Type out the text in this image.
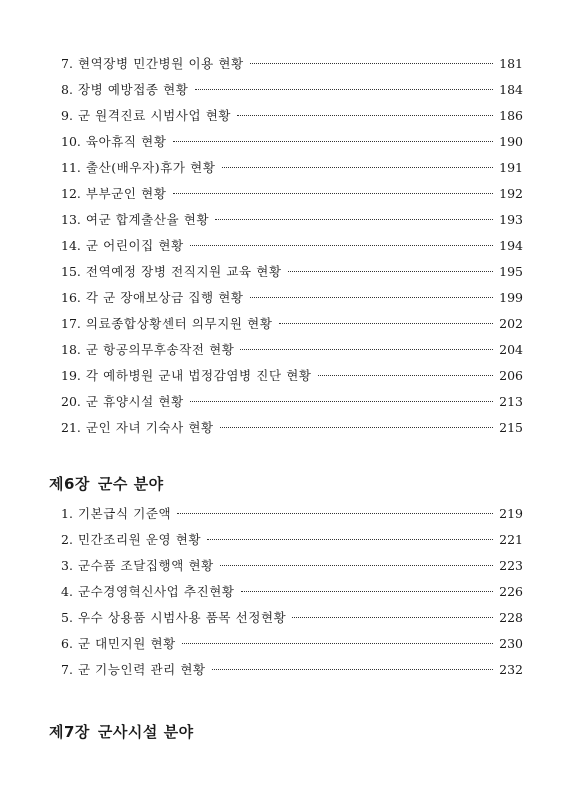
7. 현역장병 민간병원 이용 현황	181
8. 장병 예방접종 현황	184
9. 군 원격진료 시범사업 현황	186
10. 육아휴직 현황	190
11. 출산(배우자)휴가 현황	191
12. 부부군인 현황	192
13. 여군 합계출산율 현황	193
14. 군 어린이집 현황	194
15. 전역예정 장병 전직지원 교육 현황	195
16. 각 군 장애보상금 집행 현황	199
17. 의료종합상황센터 의무지원 현황	202
18. 군 항공의무후송작전 현황	204
19. 각 예하병원 군내 법정감염병 진단 현황	206
20. 군 휴양시설 현황	213
21. 군인 자녀 기숙사 현황	215
제6장 군수 분야
1. 기본급식 기준액	219
2. 민간조리원 운영 현황	221
3. 군수품 조달집행액 현황	223
4. 군수경영혁신사업 추진현황	226
5. 우수 상용품 시범사용 품목 선정현황	228
6. 군 대민지원 현황	230
7. 군 기능인력 관리 현황	232
제7장 군사시설 분야
